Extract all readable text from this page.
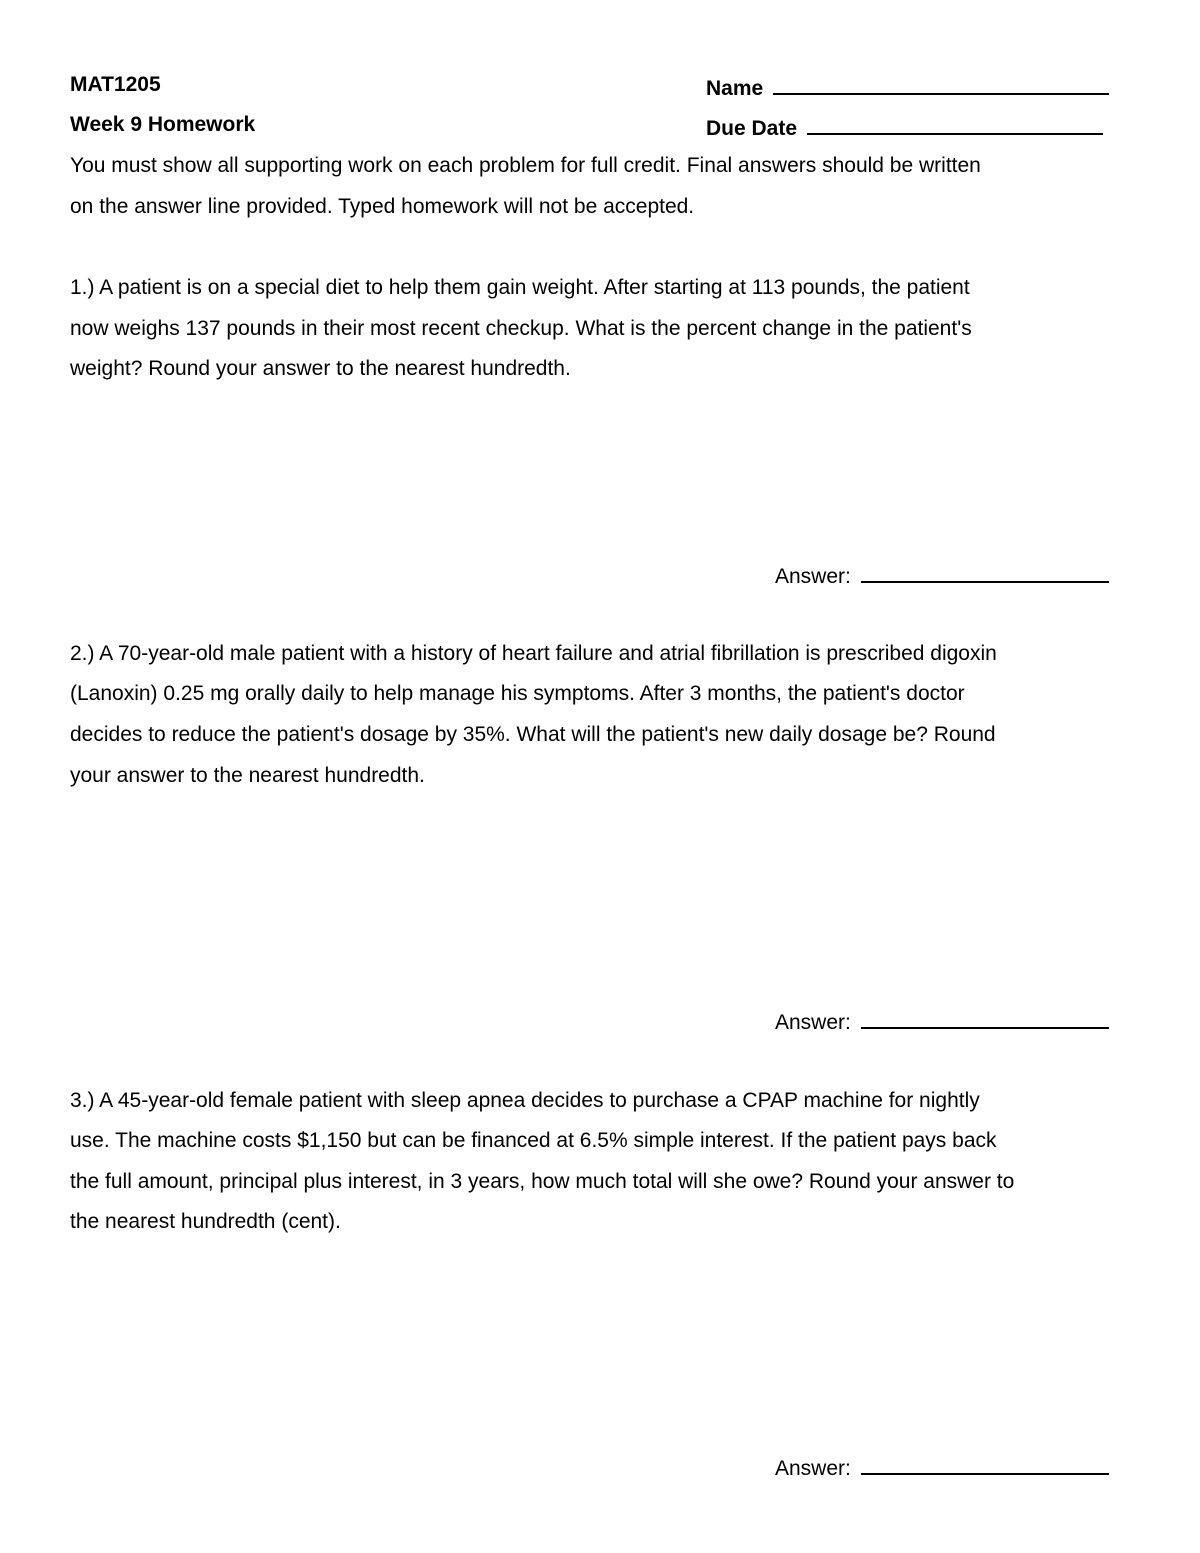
MAT1205
Week 9 Homework
Name
Due Date
You must show all supporting work on each problem for full credit. Final answers should be written
on the answer line provided. Typed homework will not be accepted.
1.) A patient is on a special diet to help them gain weight. After starting at 113 pounds, the patient
now weighs 137 pounds in their most recent checkup. What is the percent change in the patient's
weight? Round your answer to the nearest hundredth.
Answer:
2.) A 70-year-old male patient with a history of heart failure and atrial fibrillation is prescribed digoxin
(Lanoxin) 0.25 mg orally daily to help manage his symptoms. After 3 months, the patient's doctor
decides to reduce the patient's dosage by 35%. What will the patient's new daily dosage be? Round
your answer to the nearest hundredth.
Answer:
3.) A 45-year-old female patient with sleep apnea decides to purchase a CPAP machine for nightly
use. The machine costs $1,150 but can be financed at 6.5% simple interest. If the patient pays back
the full amount, principal plus interest, in 3 years, how much total will she owe? Round your answer to
the nearest hundredth (cent).
Answer:
